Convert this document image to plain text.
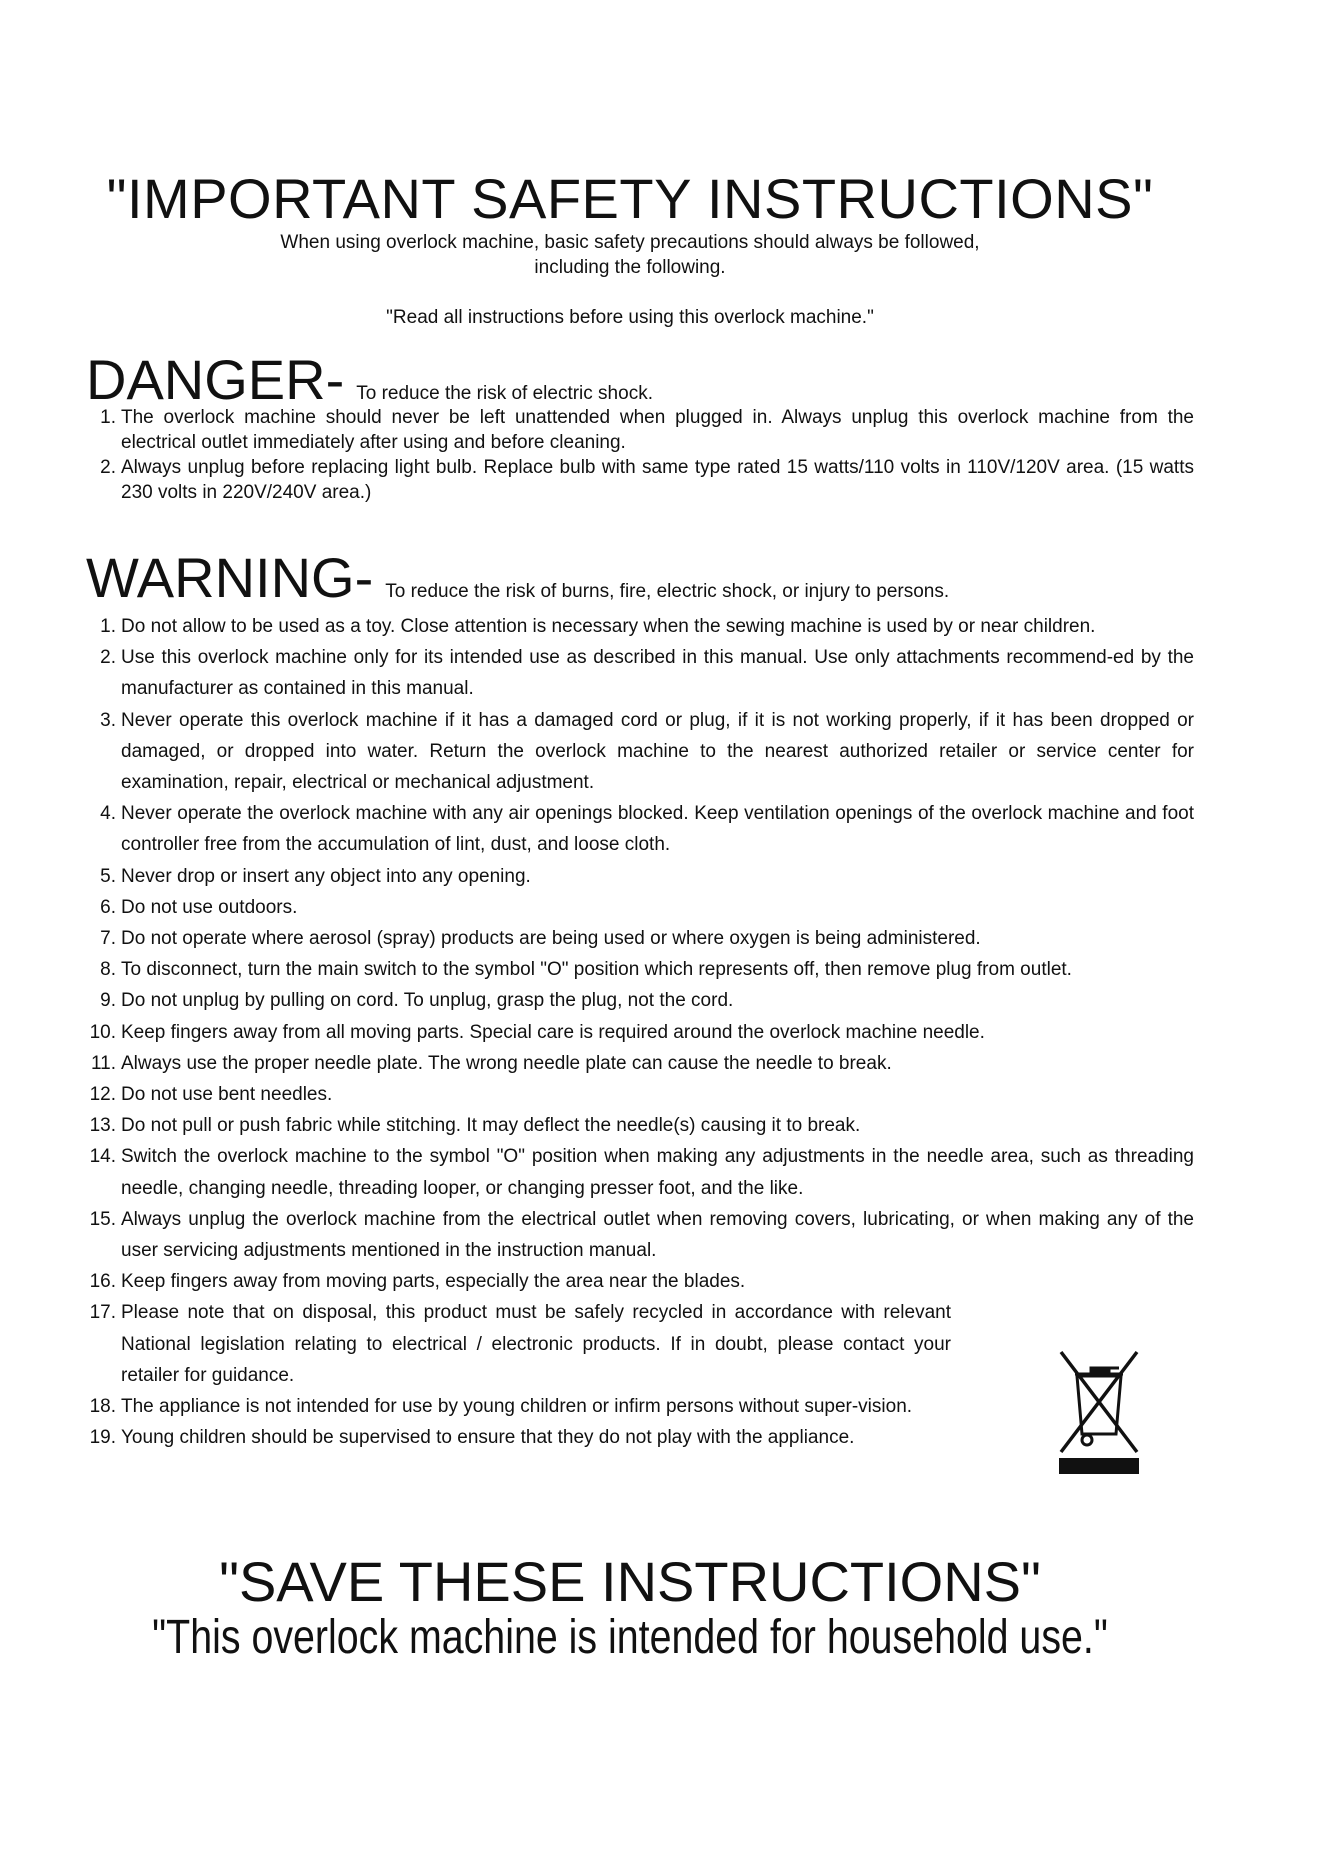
"IMPORTANT SAFETY INSTRUCTIONS"

When using overlock machine, basic safety precautions should always be followed,

including the following.

"Read all instructions before using this overlock machine."

DANGER- To reduce the risk of electric shock.
1. The overlock machine should never be left unattended when plugged in. Always unplug this overlock machine from the electrical outlet immediately after using and before cleaning.
2. Always unplug before replacing light bulb. Replace bulb with same type rated 15 watts/110 volts in 110V/120V area. (15 watts 230 volts in 220V/240V area.)
WARNING- To reduce the risk of burns, fire, electric shock, or injury to persons.
1. Do not allow to be used as a toy. Close attention is necessary when the sewing machine is used by or near children.
2. Use this overlock machine only for its intended use as described in this manual. Use only attachments recommend-ed by the manufacturer as contained in this manual.
3. Never operate this overlock machine if it has a damaged cord or plug, if it is not working properly, if it has been dropped or damaged, or dropped into water. Return the overlock machine to the nearest authorized retailer or service center for examination, repair, electrical or mechanical adjustment.
4. Never operate the overlock machine with any air openings blocked. Keep ventilation openings of the overlock machine and foot controller free from the accumulation of lint, dust, and loose cloth.
5. Never drop or insert any object into any opening.
6. Do not use outdoors.
7. Do not operate where aerosol (spray) products are being used or where oxygen is being administered.
8. To disconnect, turn the main switch to the symbol "O" position which represents off, then remove plug from outlet.
9. Do not unplug by pulling on cord. To unplug, grasp the plug, not the cord.
10. Keep fingers away from all moving parts. Special care is required around the overlock machine needle.
11. Always use the proper needle plate. The wrong needle plate can cause the needle to break.
12. Do not use bent needles.
13. Do not pull or push fabric while stitching. It may deflect the needle(s) causing it to break.
14. Switch the overlock machine to the symbol "O" position when making any adjustments in the needle area, such as threading needle, changing needle, threading looper, or changing presser foot, and the like.
15. Always unplug the overlock machine from the electrical outlet when removing covers, lubricating, or when making any of the user servicing adjustments mentioned in the instruction manual.
16. Keep fingers away from moving parts, especially the area near the blades.
17. Please note that on disposal, this product must be safely recycled in accordance with relevant National legislation relating to electrical / electronic products. If in doubt, please contact your retailer for guidance.
18. The appliance is not intended for use by young children or infirm persons without super-vision.
19. Young children should be supervised to ensure that they do not play with the appliance.
"SAVE THESE INSTRUCTIONS"

"This overlock machine is intended for household use."
